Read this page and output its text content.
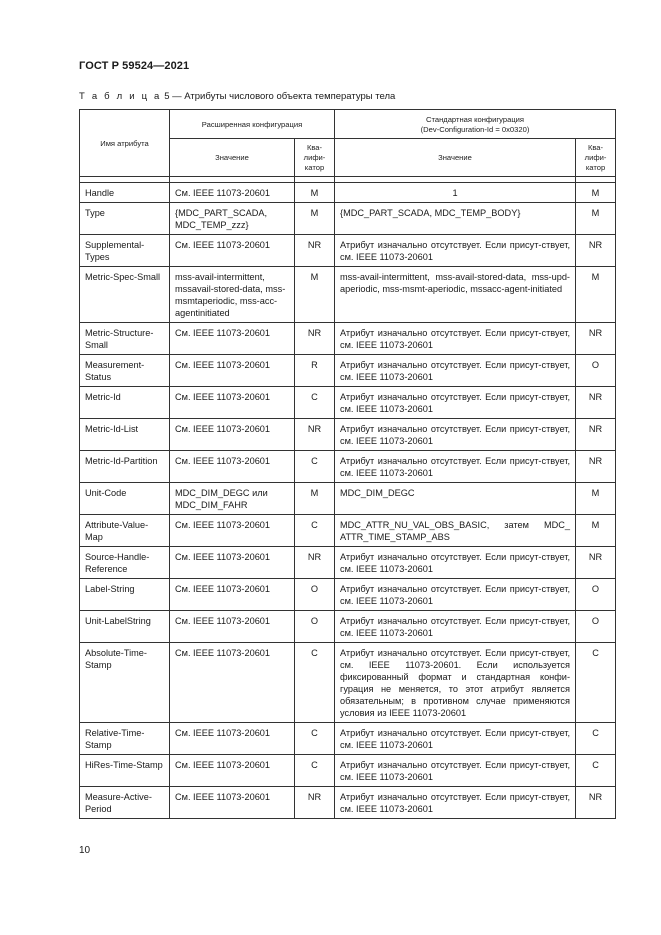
ГОСТ Р 59524—2021
Т а б л и ц а 5 — Атрибуты числового объекта температуры тела
Имя атрибута	Расширенная конфигурация		Стандартная конфигурация
(Dev-Configuration-Id = 0x0320)	

	Значение	Ква-лифи-катор	Значение	Ква-лифи-катор

Handle	См. IEEE 11073-20601	M	1	M
Type	{MDC_PART_SCADA, MDC_TEMP_zzz}	M	{MDC_PART_SCADA, MDC_TEMP_BODY}	M
Supplemental-Types	См. IEEE 11073-20601	NR	Атрибут изначально отсутствует. Если присут-ствует, см. IEEE 11073-20601	NR
Metric-Spec-Small	mss-avail-intermittent, mssavail-stored-data, mss-msmtaperiodic, mss-acc-agentinitiated	M	mss-avail-intermittent, mss-avail-stored-data, mss-upd-aperiodic, mss-msmt-aperiodic, mssacc-agent-initiated	M
Metric-Structure-Small	См. IEEE 11073-20601	NR	Атрибут изначально отсутствует. Если присут-ствует, см. IEEE 11073-20601	NR
Measurement-Status	См. IEEE 11073-20601	R	Атрибут изначально отсутствует. Если присут-ствует, см. IEEE 11073-20601	O
Metric-Id	См. IEEE 11073-20601	C	Атрибут изначально отсутствует. Если присут-ствует, см. IEEE 11073-20601	NR
Metric-Id-List	См. IEEE 11073-20601	NR	Атрибут изначально отсутствует. Если присут-ствует, см. IEEE 11073-20601	NR
Metric-Id-Partition	См. IEEE 11073-20601	C	Атрибут изначально отсутствует. Если присут-ствует, см. IEEE 11073-20601	NR
Unit-Code	MDC_DIM_DEGC или MDC_DIM_FAHR	M	MDC_DIM_DEGC	M
Attribute-Value-Map	См. IEEE 11073-20601	C	MDC_ATTR_NU_VAL_OBS_BASIC, затем MDC_ ATTR_TIME_STAMP_ABS	M
Source-Handle-Reference	См. IEEE 11073-20601	NR	Атрибут изначально отсутствует. Если присут-ствует, см. IEEE 11073-20601	NR
Label-String	См. IEEE 11073-20601	O	Атрибут изначально отсутствует. Если присут-ствует, см. IEEE 11073-20601	O
Unit-LabelString	См. IEEE 11073-20601	O	Атрибут изначально отсутствует. Если присут-ствует, см. IEEE 11073-20601	O
Absolute-Time-Stamp	См. IEEE 11073-20601	C	Атрибут изначально отсутствует. Если присут-ствует, см. IEEE 11073-20601. Если используется фиксированный формат и стандартная конфи-гурация не меняется, то этот атрибут является обязательным; в противном случае применяются условия из IEEE 11073-20601	C
Relative-Time-Stamp	См. IEEE 11073-20601	C	Атрибут изначально отсутствует. Если присут-ствует, см. IEEE 11073-20601	C
HiRes-Time-Stamp	См. IEEE 11073-20601	C	Атрибут изначально отсутствует. Если присут-ствует, см. IEEE 11073-20601	C
Measure-Active-Period	См. IEEE 11073-20601	NR	Атрибут изначально отсутствует. Если присут-ствует, см. IEEE 11073-20601	NR
10
